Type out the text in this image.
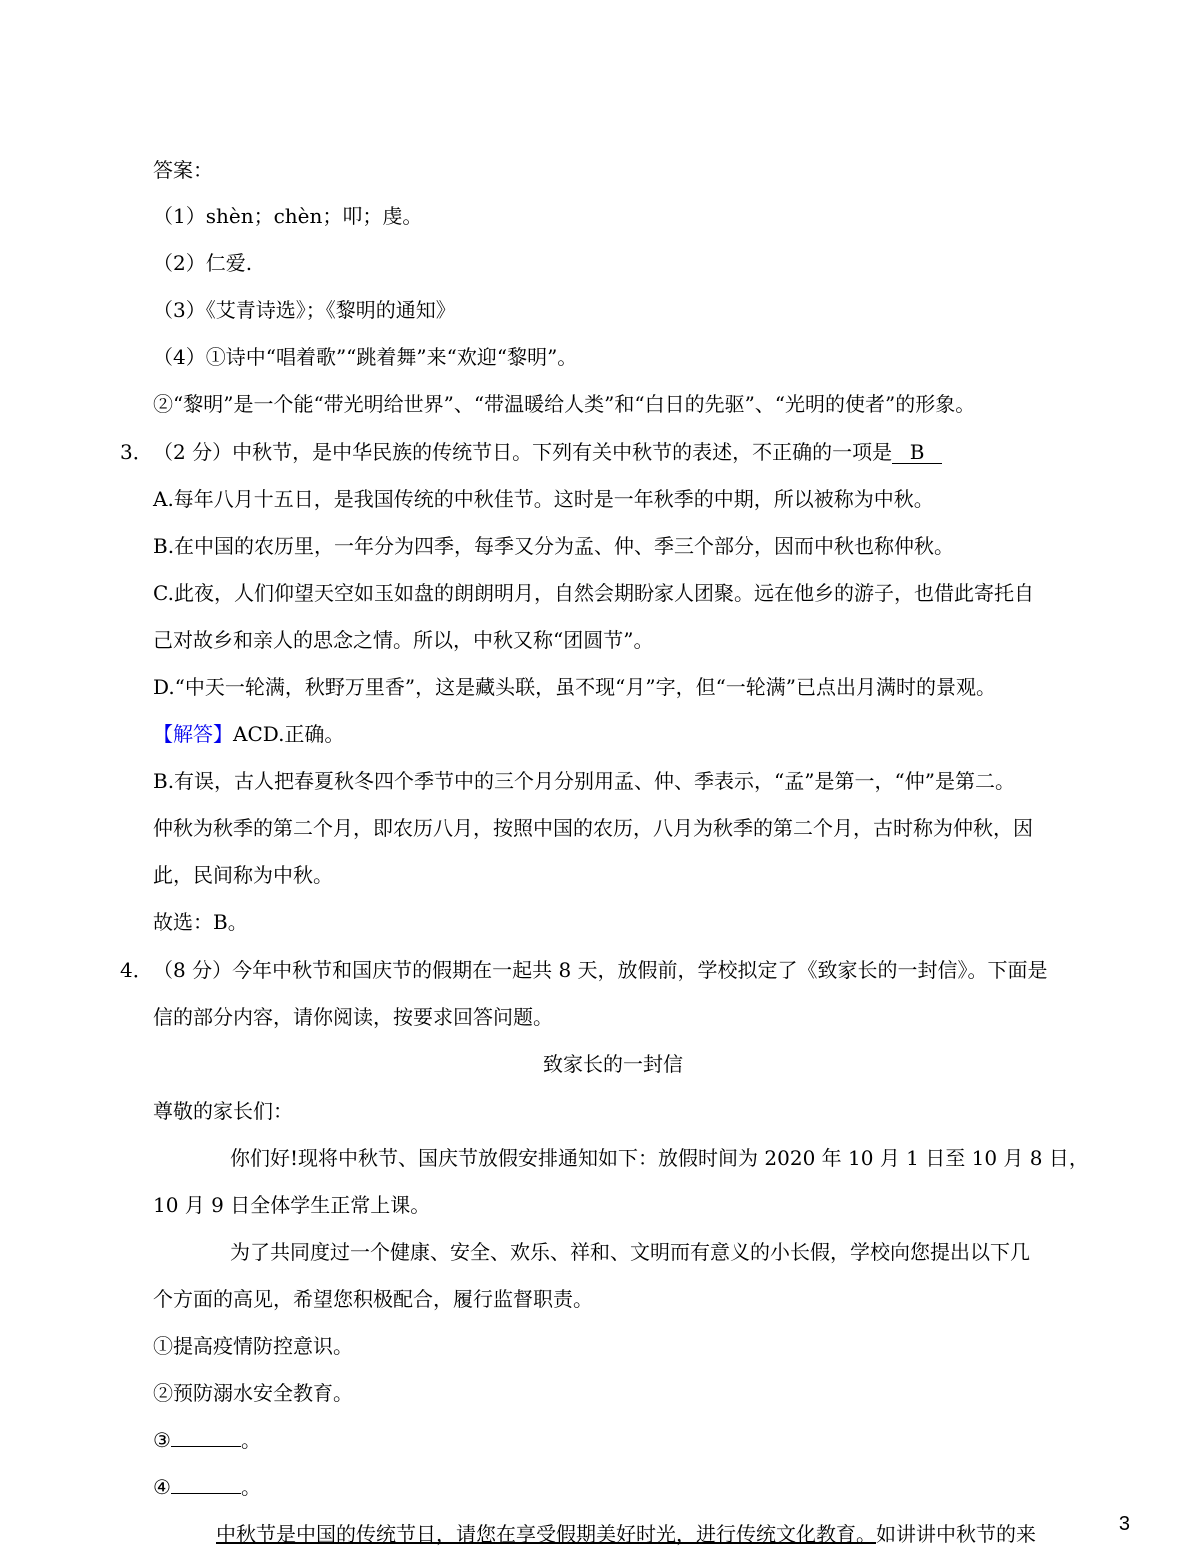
答案：
（1）shèn；chèn；叩；虔。
（2）仁爱.
（3）《艾青诗选》；《黎明的通知》
（4）①诗中“唱着歌”“跳着舞”来“欢迎“黎明”。
②“黎明”是一个能“带光明给世界”、“带温暖给人类”和“白日的先驱”、“光明的使者”的形象。
3． （2 分）中秋节，是中华民族的传统节日。下列有关中秋节的表述，不正确的一项是 B
A.每年八月十五日，是我国传统的中秋佳节。这时是一年秋季的中期，所以被称为中秋。
B.在中国的农历里，一年分为四季，每季又分为孟、仲、季三个部分，因而中秋也称仲秋。
C.此夜，人们仰望天空如玉如盘的朗朗明月，自然会期盼家人团聚。远在他乡的游子，也借此寄托自
己对故乡和亲人的思念之情。所以，中秋又称“团圆节”。
D.“中天一轮满，秋野万里香”，这是藏头联，虽不现“月”字，但“一轮满”已点出月满时的景观。
【解答】ACD.正确。
B.有误，古人把春夏秋冬四个季节中的三个月分别用孟、仲、季表示，“孟”是第一，“仲”是第二。
仲秋为秋季的第二个月，即农历八月，按照中国的农历，八月为秋季的第二个月，古时称为仲秋，因
此，民间称为中秋。
故选：B。
4． （8 分）今年中秋节和国庆节的假期在一起共 8 天，放假前，学校拟定了《致家长的一封信》。下面是
信的部分内容，请你阅读，按要求回答问题。
致家长的一封信
尊敬的家长们：
你们好!现将中秋节、国庆节放假安排通知如下：放假时间为 2020 年 10 月 1 日至 10 月 8 日，
10 月 9 日全体学生正常上课。
为了共同度过一个健康、安全、欢乐、祥和、文明而有意义的小长假，学校向您提出以下几
个方面的高见，希望您积极配合，履行监督职责。
①提高疫情防控意识。
②预防溺水安全教育。
③	。
④	。
中秋节是中国的传统节日，请您在享受假期美好时光，进行传统文化教育。如讲讲中秋节的来	3
